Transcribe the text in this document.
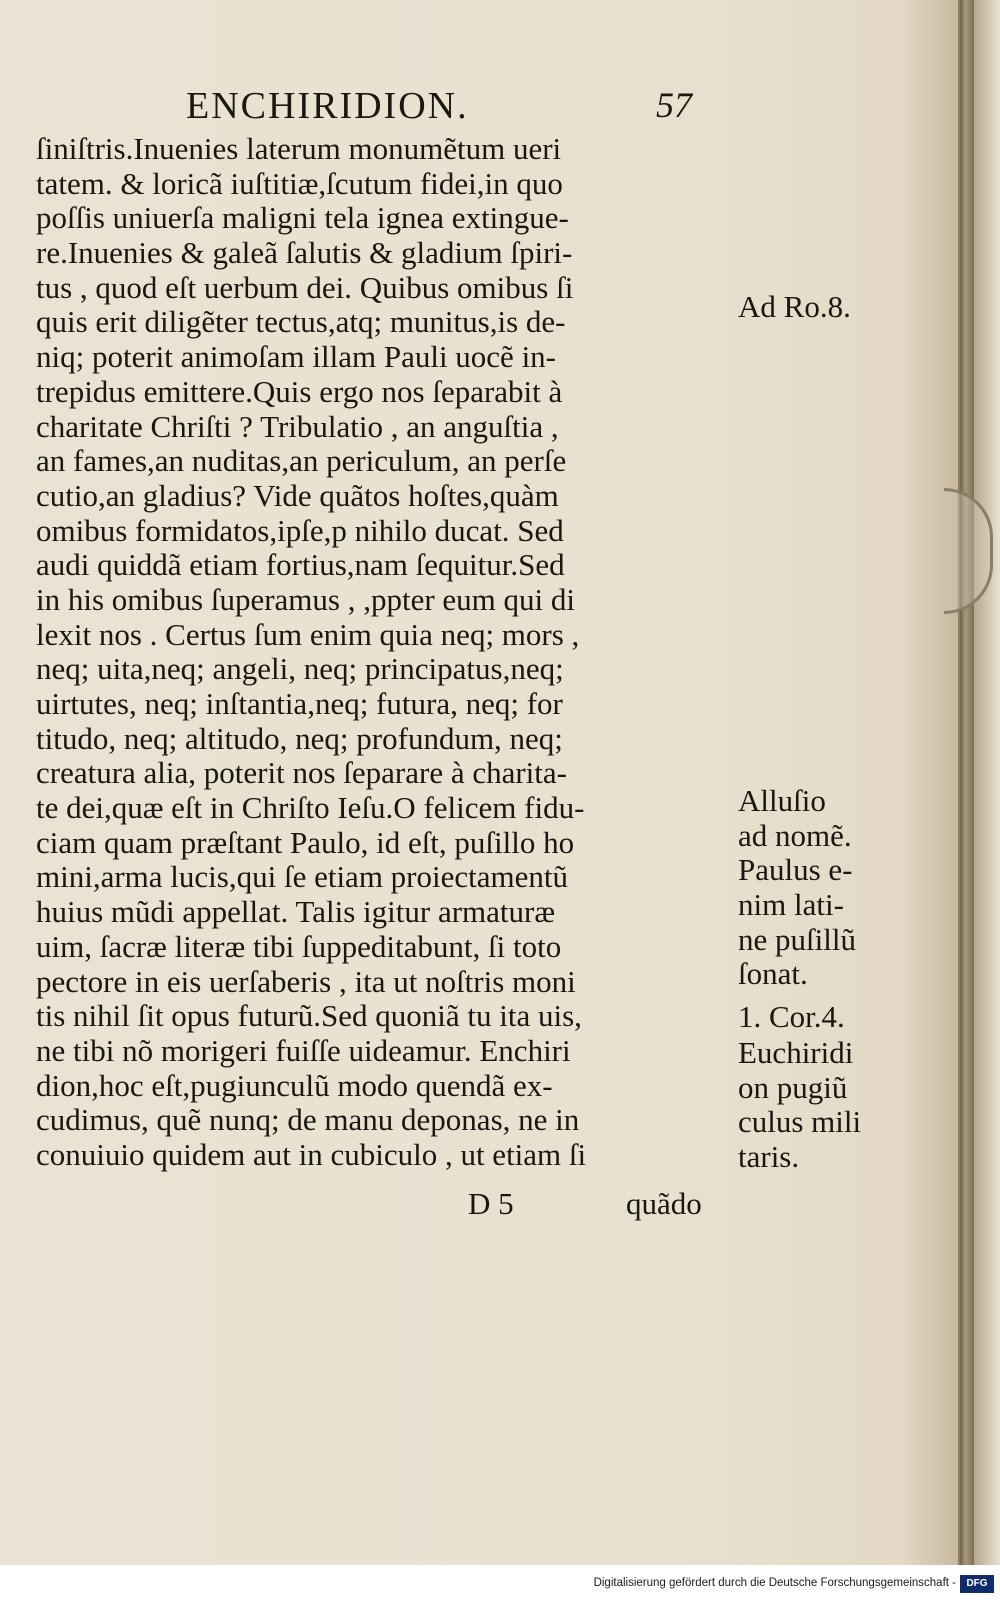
ENCHIRIDION.	57
ſiniſtris.Inuenies laterum monumẽtum ueri
tatem. & loricã iuſtitiæ,ſcutum fidei,in quo
poſſis uniuerſa maligni tela ignea extingue-
re.Inuenies & galeã ſalutis & gladium ſpiri-
tus , quod eſt uerbum dei. Quibus omibus ſi
quis erit diligẽter tectus,atq; munitus,is de-
niq; poterit animoſam illam Pauli uocẽ in-
trepidus emittere.Quis ergo nos ſeparabit à
charitate Chriſti ? Tribulatio , an anguſtia ,
an fames,an nuditas,an periculum, an perſe
cutio,an gladius? Vide quãtos hoſtes,quàm
omibus formidatos,ipſe,p nihilo ducat. Sed
audi quiddã etiam fortius,nam ſequitur.Sed
in his omibus ſuperamus , ,ppter eum qui di
lexit nos . Certus ſum enim quia neq; mors ,
neq; uita,neq; angeli, neq; principatus,neq;
uirtutes, neq; inſtantia,neq; futura, neq; for
titudo, neq; altitudo, neq; profundum, neq;
creatura alia, poterit nos ſeparare à charita-
te dei,quæ eſt in Chriſto Ieſu.O felicem fidu-
ciam quam præſtant Paulo, id eſt, puſillo ho
mini,arma lucis,qui ſe etiam proiectamentũ
huius mũdi appellat. Talis igitur armaturæ
uim, ſacræ literæ tibi ſuppeditabunt, ſi toto
pectore in eis uerſaberis , ita ut noſtris moni
tis nihil ſit opus futurũ.Sed quoniã tu ita uis,
ne tibi nõ morigeri fuiſſe uideamur. Enchiri
dion,hoc eſt,pugiunculũ modo quendã ex-
cudimus, quẽ nunq; de manu deponas, ne in
conuiuio quidem aut in cubiculo , ut etiam ſi
Ad Ro.8.
Alluſio
ad nomẽ.
Paulus e-
nim lati-
ne puſillũ
ſonat.
1. Cor.4.
Euchiridi
on pugiũ
culus mili
taris.
D 5	quãdo
Digitalisierung gefördert durch die Deutsche Forschungsgemeinschaft -	DFG
